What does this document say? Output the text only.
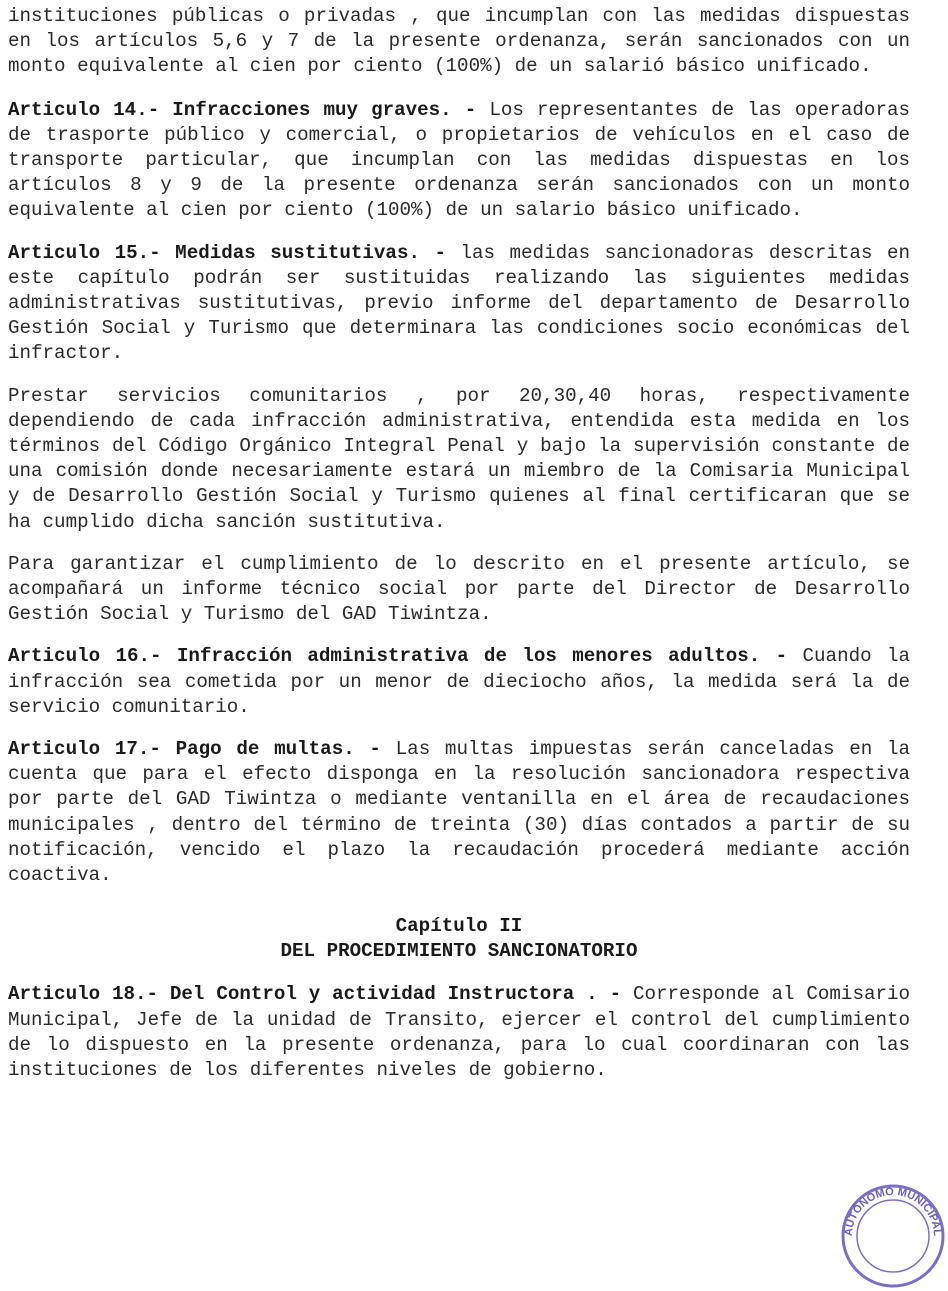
instituciones públicas o privadas , que incumplan con las medidas dispuestas en los artículos 5,6 y 7 de la presente ordenanza, serán sancionados con un monto equivalente al cien por ciento (100%) de un salarió básico unificado.

Articulo 14.- Infracciones muy graves. - Los representantes de las operadoras de trasporte público y comercial, o propietarios de vehículos en el caso de transporte particular, que incumplan con las medidas dispuestas en los artículos 8 y 9 de la presente ordenanza serán sancionados con un monto equivalente al cien por ciento (100%) de un salario básico unificado.

Articulo 15.- Medidas sustitutivas. - las medidas sancionadoras descritas en este capítulo podrán ser sustituidas realizando las siguientes medidas administrativas sustitutivas, previo informe del departamento de Desarrollo Gestión Social y Turismo que determinara las condiciones socio económicas del infractor.

Prestar servicios comunitarios , por 20,30,40 horas, respectivamente dependiendo de cada infracción administrativa, entendida esta medida en los términos del Código Orgánico Integral Penal y bajo la supervisión constante de una comisión donde necesariamente estará un miembro de la Comisaria Municipal y de Desarrollo Gestión Social y Turismo quienes al final certificaran que se ha cumplido dicha sanción sustitutiva.

Para garantizar el cumplimiento de lo descrito en el presente artículo, se acompañará un informe técnico social por parte del Director de Desarrollo Gestión Social y Turismo del GAD Tiwintza.

Articulo 16.- Infracción administrativa de los menores adultos. - Cuando la infracción sea cometida por un menor de dieciocho años, la medida será la de servicio comunitario.

Articulo 17.- Pago de multas. - Las multas impuestas serán canceladas en la cuenta que para el efecto disponga en la resolución sancionadora respectiva por parte del GAD Tiwintza o mediante ventanilla en el área de recaudaciones municipales , dentro del término de treinta (30) días contados a partir de su notificación, vencido el plazo la recaudación procederá mediante acción coactiva.

Capítulo II
DEL PROCEDIMIENTO SANCIONATORIO

Articulo 18.- Del Control y actividad Instructora . - Corresponde al Comisario Municipal, Jefe de la unidad de Transito, ejercer el control del cumplimiento de lo dispuesto en la presente ordenanza, para lo cual coordinaran con las instituciones de los diferentes niveles de gobierno.

AUTÓNOMO MUNICIPAL
